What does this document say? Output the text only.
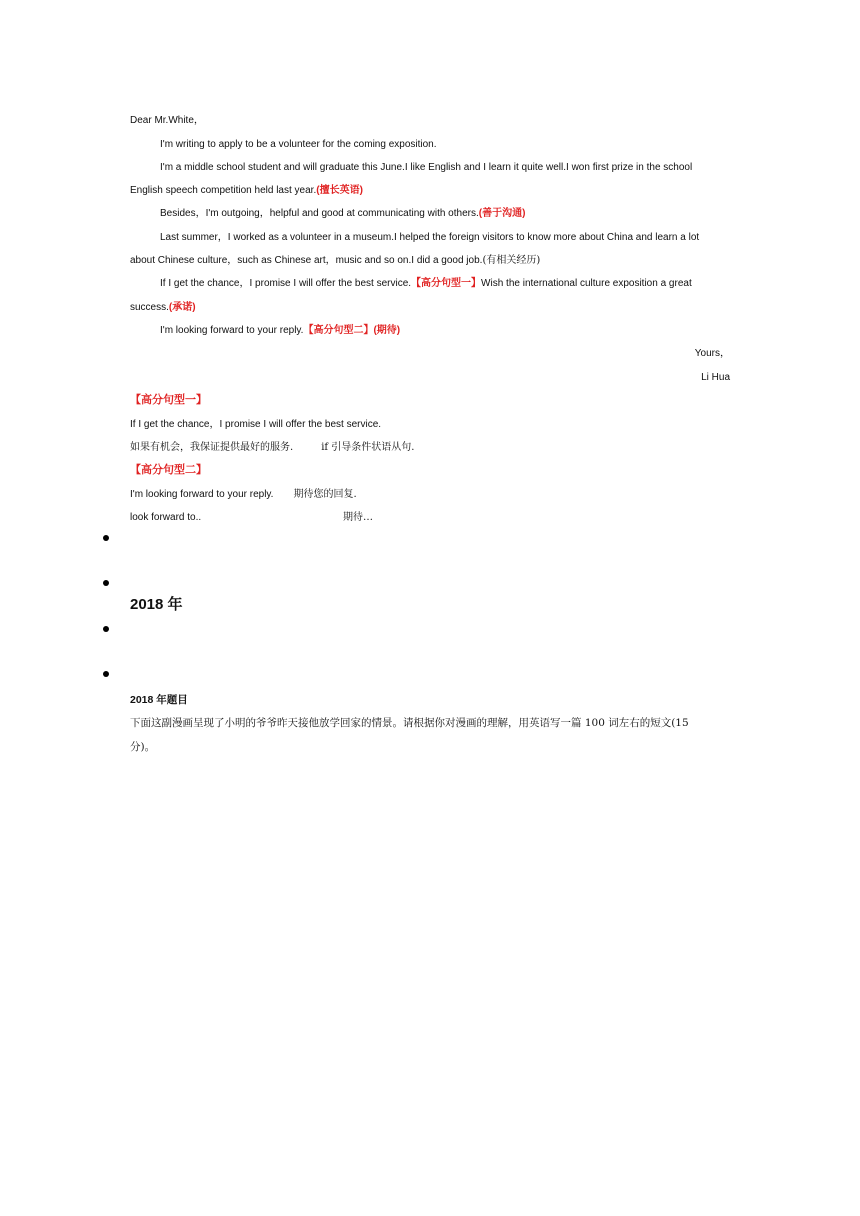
Dear Mr.White，
I'm writing to apply to be a volunteer for the coming exposition.
I'm a middle school student and will graduate this June.I like English and I learn it quite well.I won first prize in the school
English speech competition held last year.(擅长英语)
Besides，I'm outgoing，helpful and good at communicating with others.(善于沟通)
Last summer，I worked as a volunteer in a museum.I helped the foreign visitors to know more about China and learn a lot
about Chinese culture，such as Chinese art，music and so on.I did a good job.(有相关经历)
If I get the chance，I promise I will offer the best service.【高分句型一】Wish the international culture exposition a great
success.(承诺)
I'm looking forward to your reply.【高分句型二】(期待)
Yours，
Li Hua
【高分句型一】
If I get the chance，I promise I will offer the best service.
如果有机会，我保证提供最好的服务.	if 引导条件状语从句.
【高分句型二】
I'm looking forward to your reply. 期待您的回复.
look forward to..	期待…
2018 年
2018 年题目
下面这副漫画呈现了小明的爷爷昨天接他放学回家的情景。请根据你对漫画的理解，用英语写一篇 100 词左右的短文(15
分)。
